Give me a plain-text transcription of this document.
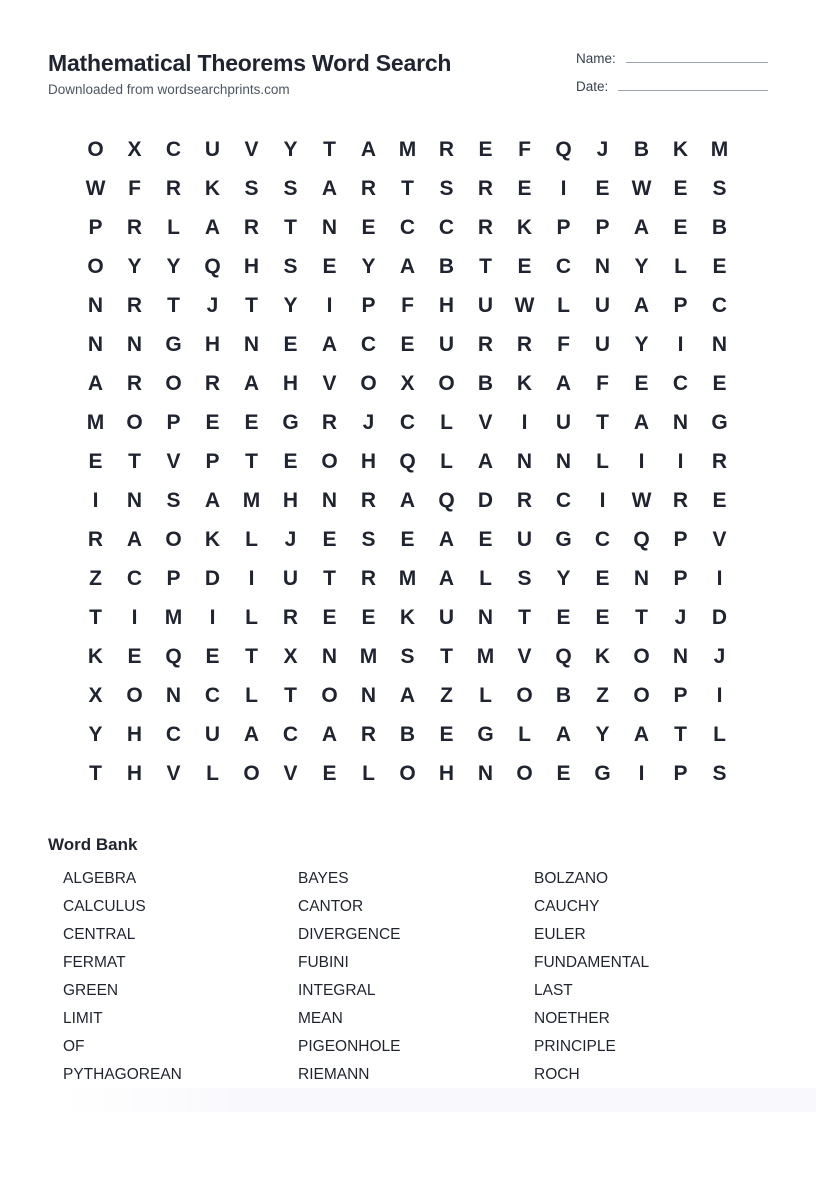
Mathematical Theorems Word Search
Downloaded from wordsearchprints.com
Name:
Date:
O	X	C	U	V	Y	T	A	M	R	E	F	Q	J	B	K	M
W	F	R	K	S	S	A	R	T	S	R	E	I	E	W	E	S
P	R	L	A	R	T	N	E	C	C	R	K	P	P	A	E	B
O	Y	Y	Q	H	S	E	Y	A	B	T	E	C	N	Y	L	E
N	R	T	J	T	Y	I	P	F	H	U	W	L	U	A	P	C
N	N	G	H	N	E	A	C	E	U	R	R	F	U	Y	I	N
A	R	O	R	A	H	V	O	X	O	B	K	A	F	E	C	E
M	O	P	E	E	G	R	J	C	L	V	I	U	T	A	N	G
E	T	V	P	T	E	O	H	Q	L	A	N	N	L	I	I	R
I	N	S	A	M	H	N	R	A	Q	D	R	C	I	W	R	E
R	A	O	K	L	J	E	S	E	A	E	U	G	C	Q	P	V
Z	C	P	D	I	U	T	R	M	A	L	S	Y	E	N	P	I
T	I	M	I	L	R	E	E	K	U	N	T	E	E	T	J	D
K	E	Q	E	T	X	N	M	S	T	M	V	Q	K	O	N	J
X	O	N	C	L	T	O	N	A	Z	L	O	B	Z	O	P	I
Y	H	C	U	A	C	A	R	B	E	G	L	A	Y	A	T	L
T	H	V	L	O	V	E	L	O	H	N	O	E	G	I	P	S
Word Bank
ALGEBRA
CALCULUS
CENTRAL
FERMAT
GREEN
LIMIT
OF
PYTHAGOREAN
BAYES
CANTOR
DIVERGENCE
FUBINI
INTEGRAL
MEAN
PIGEONHOLE
RIEMANN
BOLZANO
CAUCHY
EULER
FUNDAMENTAL
LAST
NOETHER
PRINCIPLE
ROCH
